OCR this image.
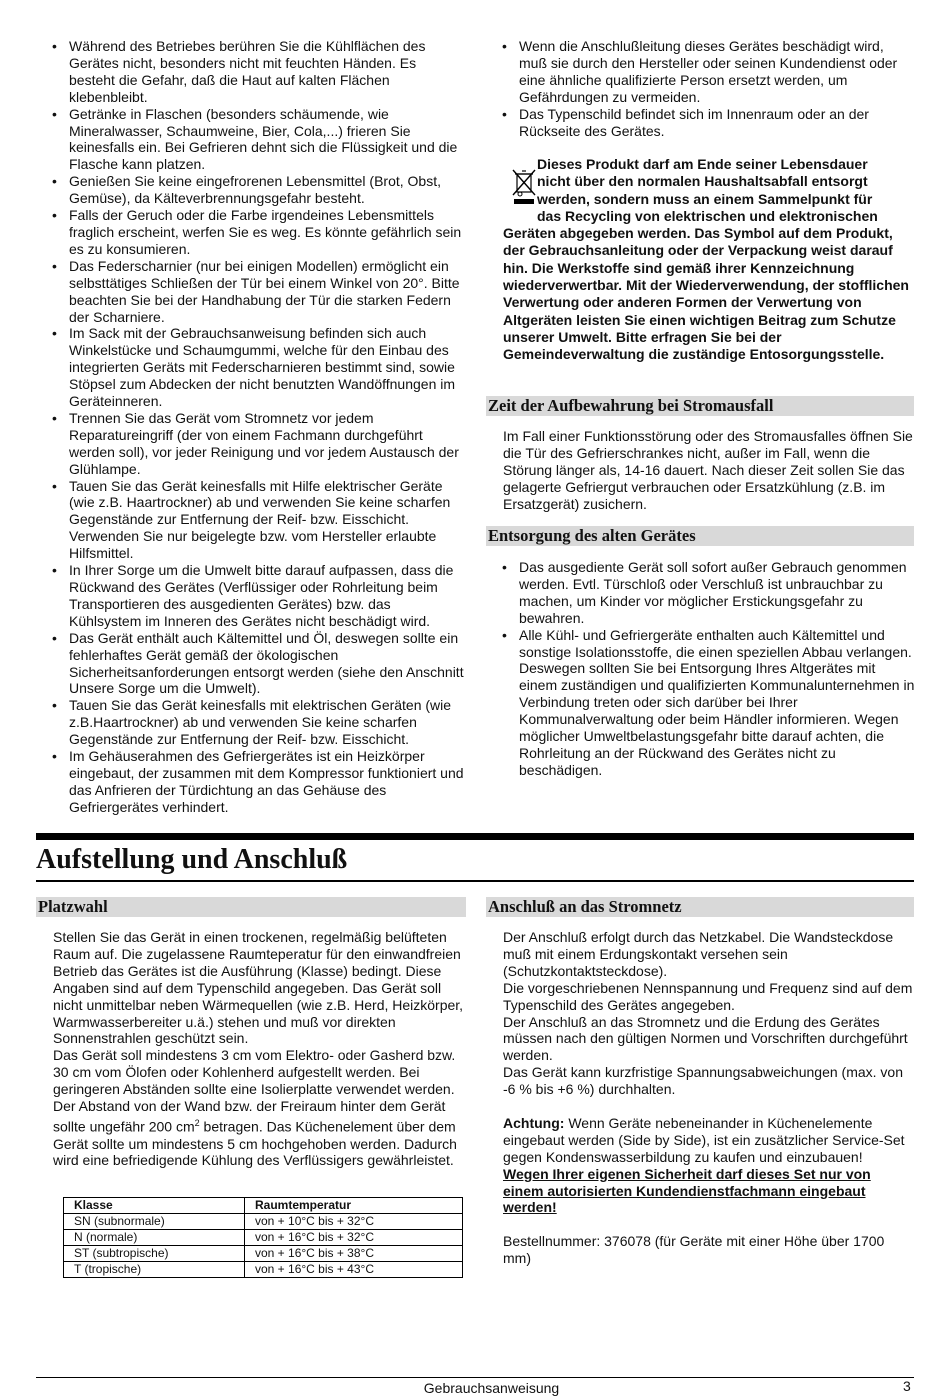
• Während des Betriebes berühren Sie die Kühlflächen des Gerätes nicht, besonders nicht mit feuchten Händen. Es besteht die Gefahr, daß die Haut auf kalten Flächen klebenbleibt.
• Getränke in Flaschen (besonders schäumende, wie Mineralwasser, Schaumweine, Bier, Cola,...) frieren Sie keinesfalls ein. Bei Gefrieren dehnt sich die Flüssigkeit und die Flasche kann platzen.
• Genießen Sie keine eingefrorenen Lebensmittel (Brot, Obst, Gemüse), da Kälteverbrennungsgefahr besteht.
• Falls der Geruch oder die Farbe irgendeines Lebensmittels fraglich erscheint, werfen Sie es weg. Es könnte gefährlich sein es zu konsumieren.
• Das Federscharnier (nur bei einigen Modellen) ermöglicht ein selbsttätiges Schließen der Tür bei einem Winkel von 20°. Bitte beachten Sie bei der Handhabung der Tür die starken Federn der Scharniere.
• Im Sack mit der Gebrauchsanweisung befinden sich auch Winkelstücke und Schaumgummi, welche für den Einbau des integrierten Geräts mit Federscharnieren bestimmt sind, sowie Stöpsel zum Abdecken der nicht benutzten Wandöffnungen im Geräteinneren.
• Trennen Sie das Gerät vom Stromnetz vor jedem Reparatureingriff (der von einem Fachmann durchgeführt werden soll), vor jeder Reinigung und vor jedem Austausch der Glühlampe.
• Tauen Sie das Gerät keinesfalls mit Hilfe elektrischer Geräte (wie z.B. Haartrockner) ab und verwenden Sie keine scharfen Gegenstände zur Entfernung der Reif- bzw. Eisschicht. Verwenden Sie nur beigelegte bzw. vom Hersteller erlaubte Hilfsmittel.
• In Ihrer Sorge um die Umwelt bitte darauf aufpassen, dass die Rückwand des Gerätes (Verflüssiger oder Rohrleitung beim Transportieren des ausgedienten Gerätes) bzw. das Kühlsystem im Inneren des Gerätes nicht beschädigt wird.
• Das Gerät enthält auch Kältemittel und Öl, deswegen sollte ein fehlerhaftes Gerät gemäß der ökologischen Sicherheitsanforderungen entsorgt werden (siehe den Anschnitt Unsere Sorge um die Umwelt).
• Tauen Sie das Gerät keinesfalls mit elektrischen Geräten (wie z.B.Haartrockner) ab und verwenden Sie keine scharfen Gegenstände zur Entfernung der Reif- bzw. Eisschicht.
• Im Gehäuserahmen des Gefriergerätes ist ein Heizkörper eingebaut, der zusammen mit dem Kompressor funktioniert und das Anfrieren der Türdichtung an das Gehäuse des Gefriergerätes verhindert.
• Wenn die Anschlußleitung dieses Gerätes beschädigt wird, muß sie durch den Hersteller oder seinen Kundendienst oder eine ähnliche qualifizierte Person ersetzt werden, um Gefährdungen zu vermeiden.
• Das Typenschild befindet sich im Innenraum oder an der Rückseite des Gerätes.
Dieses Produkt darf am Ende seiner Lebensdauer
nicht über den normalen Haushaltsabfall entsorgt
werden, sondern muss an einem Sammelpunkt für
das Recycling von elektrischen und elektronischen
Geräten abgegeben werden. Das Symbol auf dem Produkt, der Gebrauchsanleitung oder der Verpackung weist darauf hin. Die Werkstoffe sind gemäß ihrer Kennzeichnung wiederverwertbar. Mit der Wiederverwendung, der stofflichen Verwertung oder anderen Formen der Verwertung von Altgeräten leisten Sie einen wichtigen Beitrag zum Schutze unserer Umwelt. Bitte erfragen Sie bei der Gemeindeverwaltung die zuständige Entosorgungsstelle.
Zeit der Aufbewahrung bei Stromausfall
Im Fall einer Funktionsstörung oder des Stromausfalles öffnen Sie die Tür des Gefrierschrankes nicht, außer im Fall, wenn die Störung länger als, 14-16 dauert. Nach dieser Zeit sollen Sie das gelagerte Gefriergut verbrauchen oder Ersatzkühlung (z.B. im Ersatzgerät) zusichern.
Entsorgung des alten Gerätes
• Das ausgediente Gerät soll sofort außer Gebrauch genommen werden. Evtl. Türschloß oder Verschluß ist unbrauchbar zu machen, um Kinder vor möglicher Erstickungsgefahr zu bewahren.
• Alle Kühl- und Gefriergeräte enthalten auch Kältemittel und sonstige Isolationsstoffe, die einen speziellen Abbau verlangen. Deswegen sollten Sie bei Entsorgung Ihres Altgerätes mit einem zuständigen und qualifizierten Kommunalunternehmen in Verbindung treten oder sich darüber bei Ihrer Kommunalverwaltung oder beim Händler informieren. Wegen möglicher Umweltbelastungsgefahr bitte darauf achten, die Rohrleitung an der Rückwand des Gerätes nicht zu beschädigen.
Aufstellung und Anschluß
Platzwahl

Stellen Sie das Gerät in einen trockenen, regelmäßig belüfteten Raum auf. Die zugelassene Raumteperatur für den einwandfreien Betrieb das Gerätes ist die Ausführung (Klasse) bedingt. Diese Angaben sind auf dem Typenschild angegeben. Das Gerät soll nicht unmittelbar neben Wärmequellen (wie z.B. Herd, Heizkörper, Warmwasserbereiter u.ä.) stehen und muß vor direkten Sonnenstrahlen geschützt sein.

Das Gerät soll mindestens 3 cm vom Elektro- oder Gasherd bzw. 30 cm vom Ölofen oder Kohlenherd aufgestellt werden. Bei geringeren Abständen sollte eine Isolierplatte verwendet werden. Der Abstand von der Wand bzw. der Freiraum hinter dem Gerät sollte ungefähr 200 $cm^2$ betragen. Das Küchenelement über dem Gerät sollte um mindestens 5 cm hochgehoben werden. Dadurch wird eine befriedigende Kühlung des Verflüssigers gewährleistet.

Klasse	Raumtemperatur
SN (subnormale)	von + 10°C bis + 32°C
N (normale)	von + 16°C bis + 32°C
ST (subtropische)	von + 16°C bis + 38°C
T (tropische)	von + 16°C bis + 43°C
Anschluß an das Stromnetz

Der Anschluß erfolgt durch das Netzkabel. Die Wandsteckdose muß mit einem Erdungskontakt versehen sein (Schutzkontaktsteckdose).

Die vorgeschriebenen Nennspannung und Frequenz sind auf dem Typenschild des Gerätes angegeben.

Der Anschluß an das Stromnetz und die Erdung des Gerätes müssen nach den gültigen Normen und Vorschriften durchgeführt werden.

Das Gerät kann kurzfristige Spannungsabweichungen (max. von -6 % bis +6 %) durchhalten.

Achtung: Wenn Geräte nebeneinander in Küchenelemente eingebaut werden (Side by Side), ist ein zusätzlicher Service-Set gegen Kondenswasserbildung zu kaufen und einzubauen!

Wegen Ihrer eigenen Sicherheit darf dieses Set nur von einem autorisierten Kundendienstfachmann eingebaut werden!

Bestellnummer: 376078 (für Geräte mit einer Höhe über 1700 mm)

Gebrauchsanweisung	3
